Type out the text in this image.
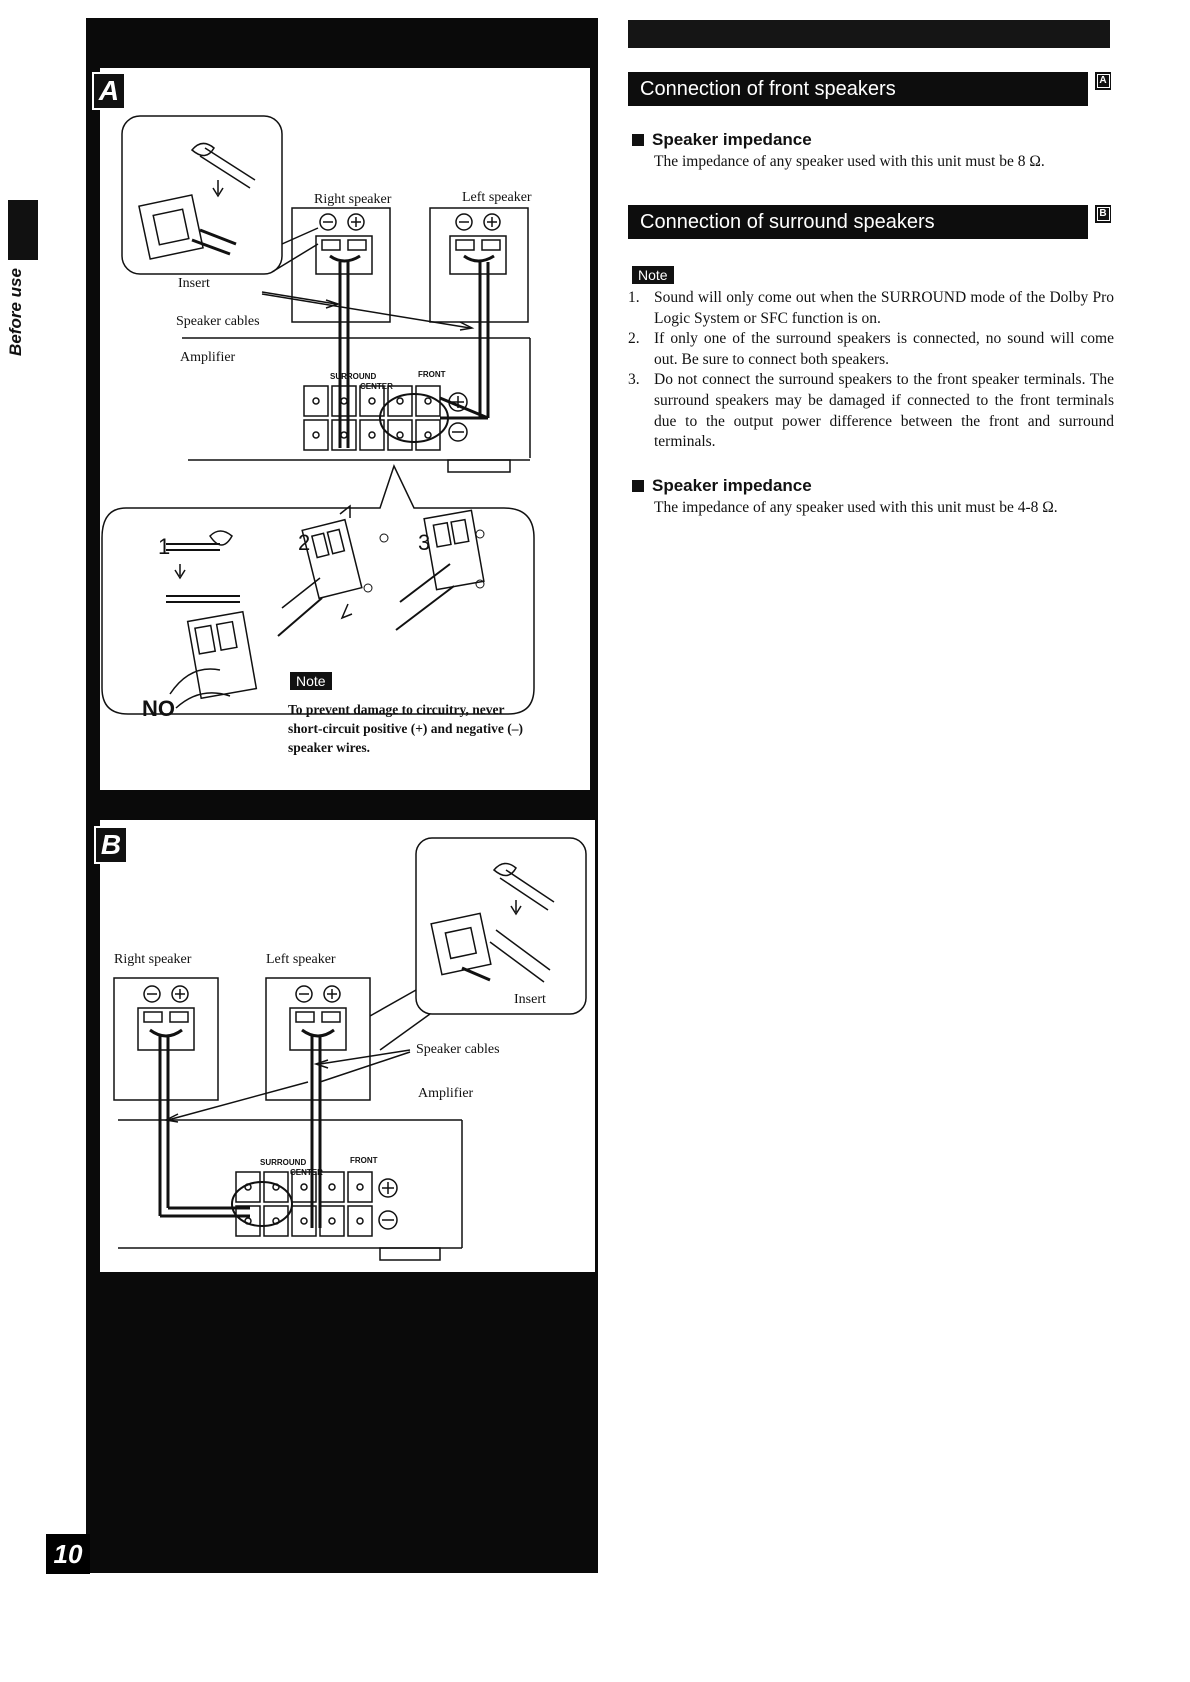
Before use
A
Insert
Right speaker	Left speaker
Speaker cables
Amplifier
SURROUND
CENTER
FRONT
1	2	3
NO
Note
To prevent damage to circuitry, never short-circuit positive (+) and negative (–) speaker wires.
B
Insert
Right speaker	Left speaker
Speaker cables
Amplifier
SURROUND
CENTER
FRONT
10
Connection of front speakers	A
Speaker impedance
The impedance of any speaker used with this unit must be 8 Ω.
Connection of surround speakers	B
Note
1. Sound will only come out when the SURROUND mode of the Dolby Pro Logic System or SFC function is on.
2. If only one of the surround speakers is connected, no sound will come out. Be sure to connect both speakers.
3. Do not connect the surround speakers to the front speaker terminals. The surround speakers may be damaged if connected to the front terminals due to the output power difference between the front and surround terminals.
Speaker impedance
The impedance of any speaker used with this unit must be 4-8 Ω.
